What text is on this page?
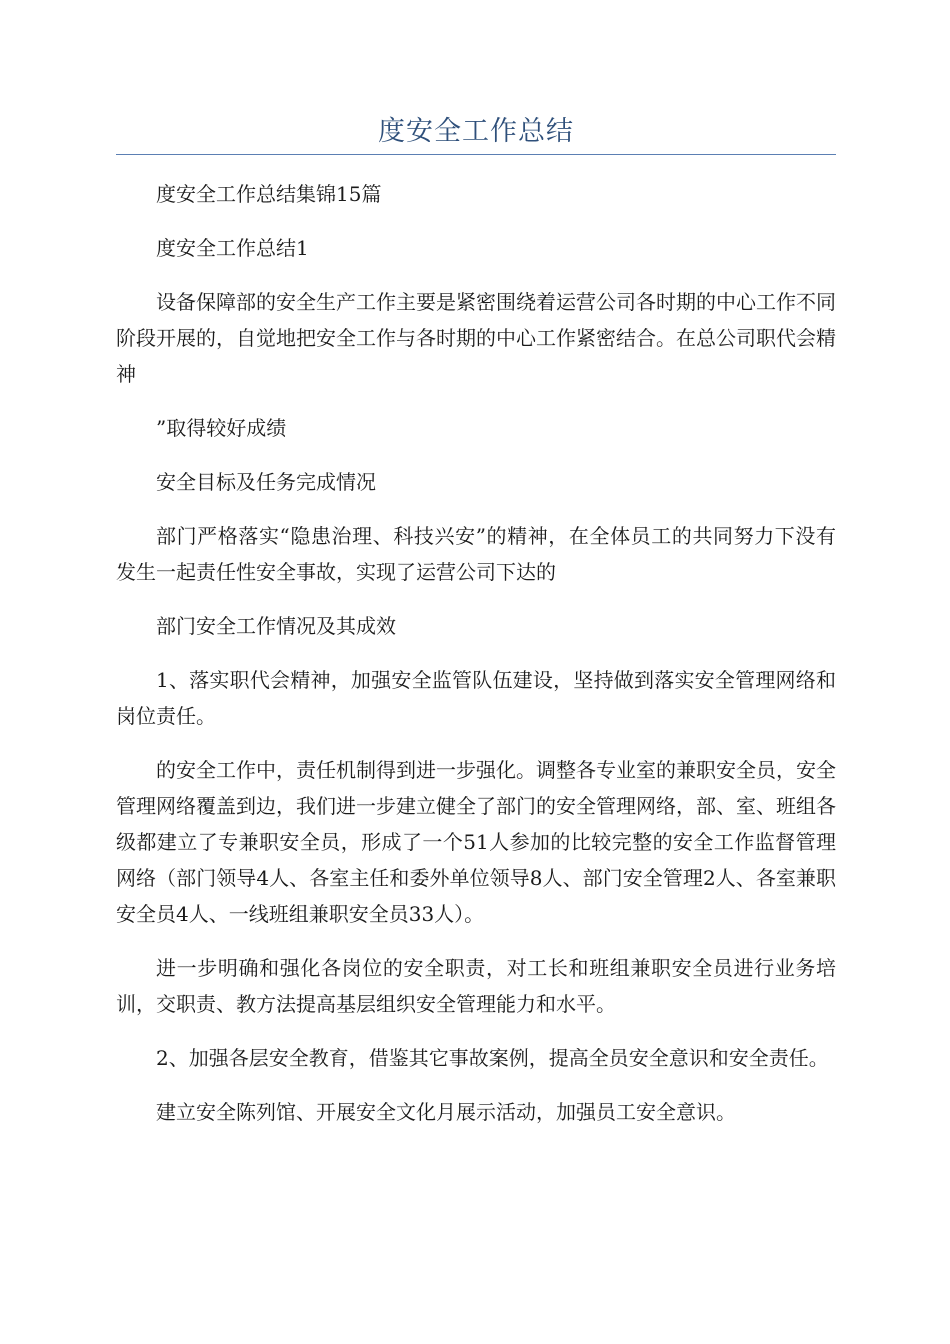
度安全工作总结

度安全工作总结集锦15篇

度安全工作总结1

设备保障部的安全生产工作主要是紧密围绕着运营公司各时期的中心工作不同阶段开展的，自觉地把安全工作与各时期的中心工作紧密结合。在总公司职代会精神

”取得较好成绩

安全目标及任务完成情况

部门严格落实“隐患治理、科技兴安”的精神，在全体员工的共同努力下没有发生一起责任性安全事故，实现了运营公司下达的

部门安全工作情况及其成效

1、落实职代会精神，加强安全监管队伍建设，坚持做到落实安全管理网络和岗位责任。

的安全工作中，责任机制得到进一步强化。调整各专业室的兼职安全员，安全管理网络覆盖到边，我们进一步建立健全了部门的安全管理网络，部、室、班组各级都建立了专兼职安全员，形成了一个51人参加的比较完整的安全工作监督管理网络（部门领导4人、各室主任和委外单位领导8人、部门安全管理2人、各室兼职安全员4人、一线班组兼职安全员33人）。

进一步明确和强化各岗位的安全职责，对工长和班组兼职安全员进行业务培训，交职责、教方法提高基层组织安全管理能力和水平。

2、加强各层安全教育，借鉴其它事故案例，提高全员安全意识和安全责任。

建立安全陈列馆、开展安全文化月展示活动，加强员工安全意识。
